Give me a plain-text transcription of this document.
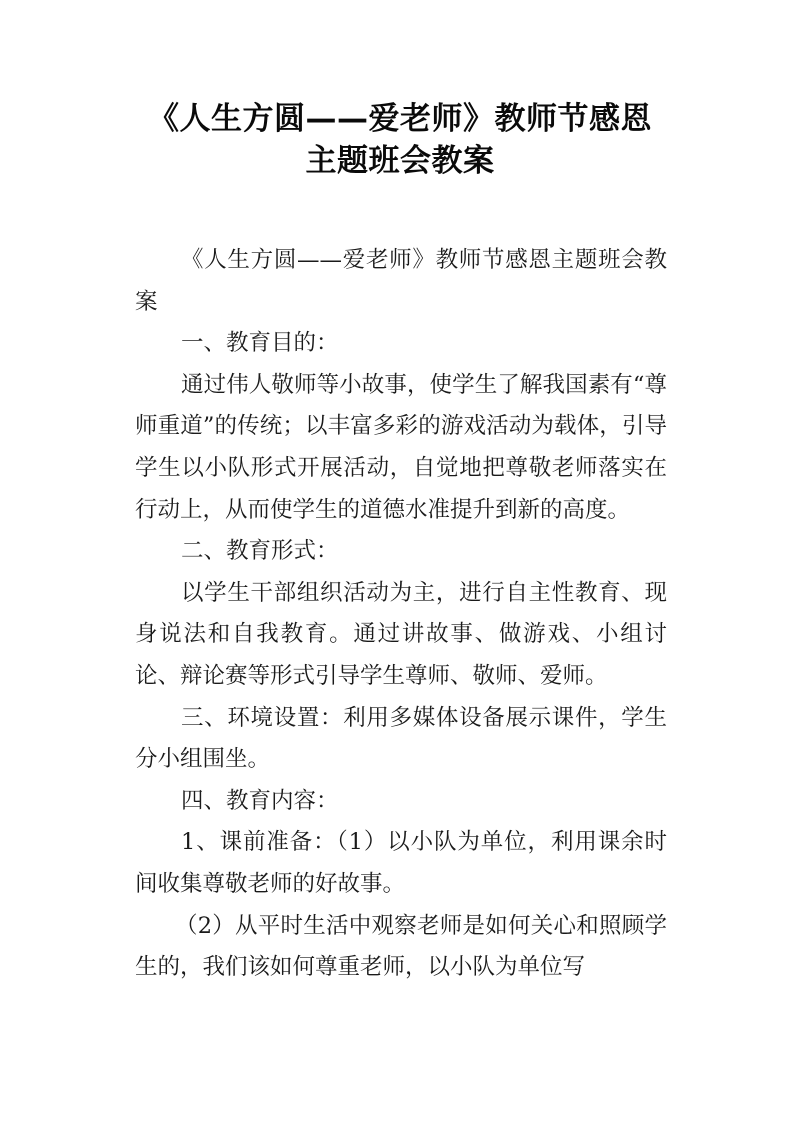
《人生方圆——爱老师》教师节感恩
主题班会教案

《人生方圆——爱老师》教师节感恩主题班会教案

一、教育目的：

通过伟人敬师等小故事，使学生了解我国素有“尊师重道”的传统；以丰富多彩的游戏活动为载体，引导学生以小队形式开展活动，自觉地把尊敬老师落实在行动上，从而使学生的道德水准提升到新的高度。

二、教育形式：

以学生干部组织活动为主，进行自主性教育、现身说法和自我教育。通过讲故事、做游戏、小组讨论、辩论赛等形式引导学生尊师、敬师、爱师。

三、环境设置：利用多媒体设备展示课件，学生分小组围坐。

四、教育内容：

1、课前准备：（1）以小队为单位，利用课余时间收集尊敬老师的好故事。

（2）从平时生活中观察老师是如何关心和照顾学生的，我们该如何尊重老师，以小队为单位写
